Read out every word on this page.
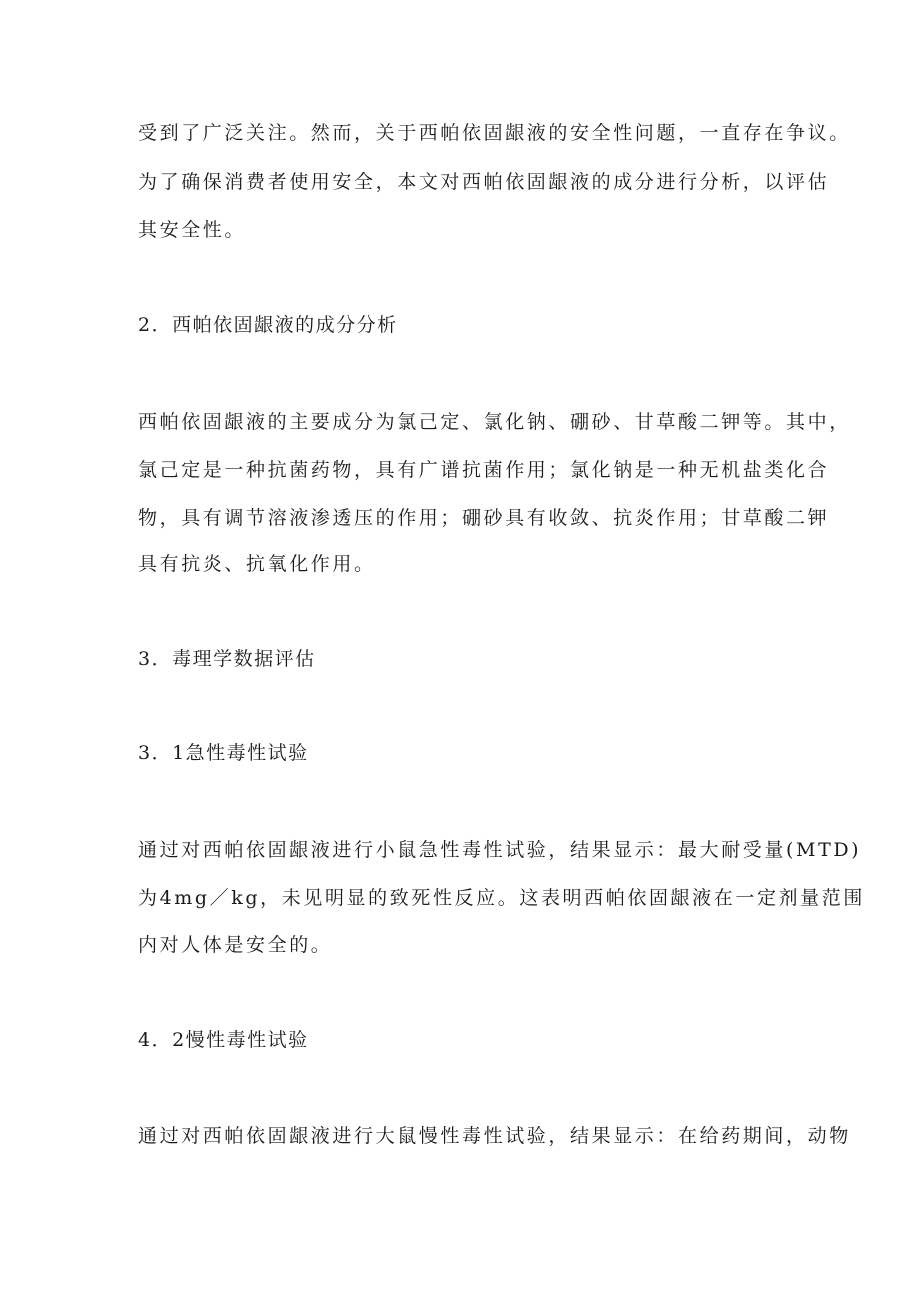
受到了广泛关注。然而，关于西帕依固龈液的安全性问题，一直存在争议。

为了确保消费者使用安全，本文对西帕依固龈液的成分进行分析，以评估

其安全性。

2．西帕依固龈液的成分分析

西帕依固龈液的主要成分为氯己定、氯化钠、硼砂、甘草酸二钾等。其中，

氯己定是一种抗菌药物，具有广谱抗菌作用；氯化钠是一种无机盐类化合

物，具有调节溶液渗透压的作用；硼砂具有收敛、抗炎作用；甘草酸二钾

具有抗炎、抗氧化作用。

3．毒理学数据评估

3．1急性毒性试验

通过对西帕依固龈液进行小鼠急性毒性试验，结果显示：最大耐受量(MTD)

为4mg／kg，未见明显的致死性反应。这表明西帕依固龈液在一定剂量范围

内对人体是安全的。

4．2慢性毒性试验

通过对西帕依固龈液进行大鼠慢性毒性试验，结果显示：在给药期间，动物
